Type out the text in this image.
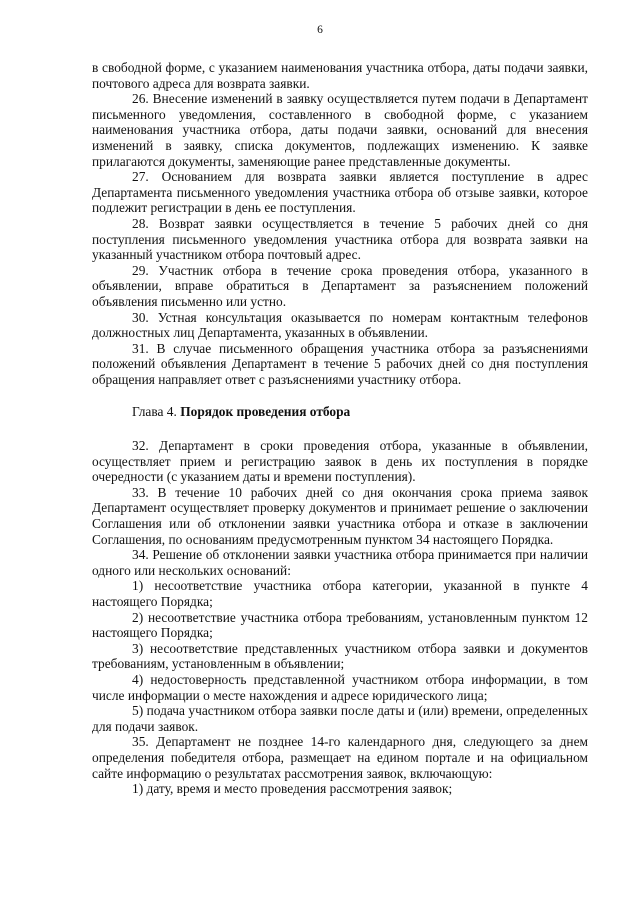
6

в свободной форме, с указанием наименования участника отбора, даты подачи заявки, почтового адреса для возврата заявки.

26. Внесение изменений в заявку осуществляется путем подачи в Департамент письменного уведомления, составленного в свободной форме, с указанием наименования участника отбора, даты подачи заявки, оснований для внесения изменений в заявку, списка документов, подлежащих изменению. К заявке прилагаются документы, заменяющие ранее представленные документы.

27. Основанием для возврата заявки является поступление в адрес Департамента письменного уведомления участника отбора об отзыве заявки, которое подлежит регистрации в день ее поступления.

28. Возврат заявки осуществляется в течение 5 рабочих дней со дня поступления письменного уведомления участника отбора для возврата заявки на указанный участником отбора почтовый адрес.

29. Участник отбора в течение срока проведения отбора, указанного в объявлении, вправе обратиться в Департамент за разъяснением положений объявления письменно или устно.

30. Устная консультация оказывается по номерам контактным телефонов должностных лиц Департамента, указанных в объявлении.

31. В случае письменного обращения участника отбора за разъяснениями положений объявления Департамент в течение 5 рабочих дней со дня поступления обращения направляет ответ с разъяснениями участнику отбора.

Глава 4. Порядок проведения отбора

32. Департамент в сроки проведения отбора, указанные в объявлении, осуществляет прием и регистрацию заявок в день их поступления в порядке очередности (с указанием даты и времени поступления).

33. В течение 10 рабочих дней со дня окончания срока приема заявок Департамент осуществляет проверку документов и принимает решение о заключении Соглашения или об отклонении заявки участника отбора и отказе в заключении Соглашения, по основаниям предусмотренным пунктом 34 настоящего Порядка.

34. Решение об отклонении заявки участника отбора принимается при наличии одного или нескольких оснований:

1) несоответствие участника отбора категории, указанной в пункте 4 настоящего Порядка;

2) несоответствие участника отбора требованиям, установленным пунктом 12 настоящего Порядка;

3) несоответствие представленных участником отбора заявки и документов требованиям, установленным в объявлении;

4) недостоверность представленной участником отбора информации, в том числе информации о месте нахождения и адресе юридического лица;

5) подача участником отбора заявки после даты и (или) времени, определенных для подачи заявок.

35. Департамент не позднее 14-го календарного дня, следующего за днем определения победителя отбора, размещает на едином портале и на официальном сайте информацию о результатах рассмотрения заявок, включающую:

1) дату, время и место проведения рассмотрения заявок;
